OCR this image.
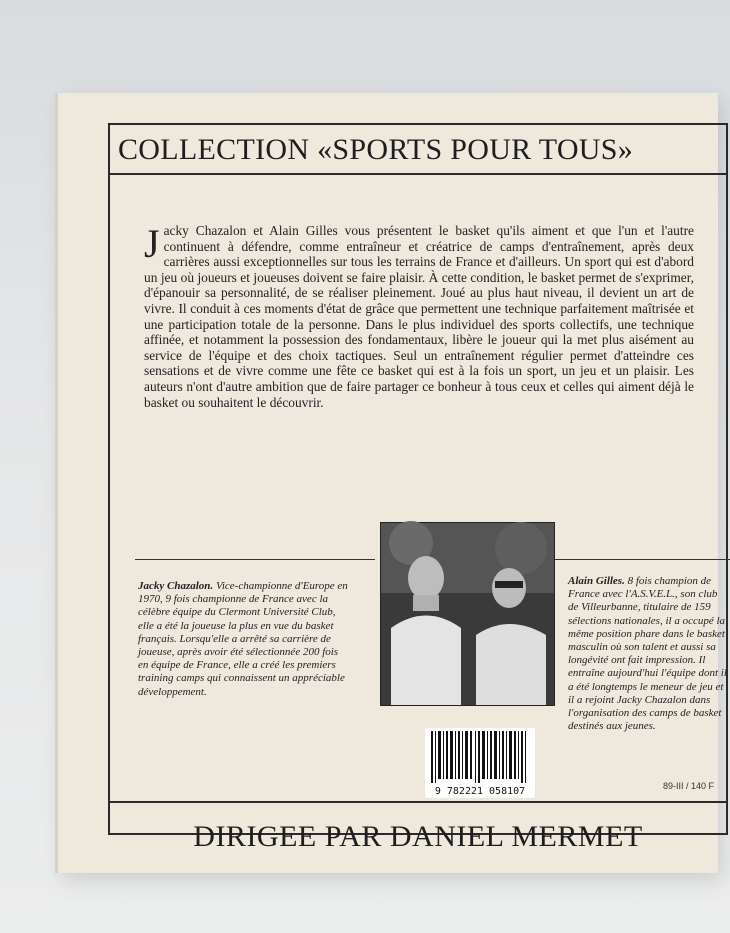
COLLECTION «SPORTS POUR TOUS»
Jacky Chazalon et Alain Gilles vous présentent le basket qu'ils aiment et que l'un et l'autre continuent à défendre, comme entraîneur et créatrice de camps d'entraînement, après deux carrières aussi exceptionnelles sur tous les terrains de France et d'ailleurs. Un sport qui est d'abord un jeu où joueurs et joueuses doivent se faire plaisir. À cette condition, le basket permet de s'exprimer, d'épanouir sa personnalité, de se réaliser pleinement. Joué au plus haut niveau, il devient un art de vivre. Il conduit à ces moments d'état de grâce que permettent une technique parfaitement maîtrisée et une participation totale de la personne. Dans le plus individuel des sports collectifs, une technique affinée, et notamment la possession des fondamentaux, libère le joueur qui la met plus aisément au service de l'équipe et des choix tactiques. Seul un entraînement régulier permet d'atteindre ces sensations et de vivre comme une fête ce basket qui est à la fois un sport, un jeu et un plaisir. Les auteurs n'ont d'autre ambition que de faire partager ce bonheur à tous ceux et celles qui aiment déjà le basket ou souhaitent le découvrir.
Jacky Chazalon. Vice-championne d'Europe en 1970, 9 fois championne de France avec la célèbre équipe du Clermont Université Club, elle a été la joueuse la plus en vue du basket français. Lorsqu'elle a arrêté sa carrière de joueuse, après avoir été sélectionnée 200 fois en équipe de France, elle a créé les premiers training camps qui connaissent un appréciable développement.
Alain Gilles. 8 fois champion de France avec l'A.S.V.E.L., son club de Villeurbanne, titulaire de 159 sélections nationales, il a occupé la même position phare dans le basket masculin où son talent et aussi sa longévité ont fait impression. Il entraîne aujourd'hui l'équipe dont il a été longtemps le meneur de jeu et il a rejoint Jacky Chazalon dans l'organisation des camps de basket destinés aux jeunes.
9 782221 058107	89-III / 140 F
DIRIGEE PAR DANIEL MERMET
